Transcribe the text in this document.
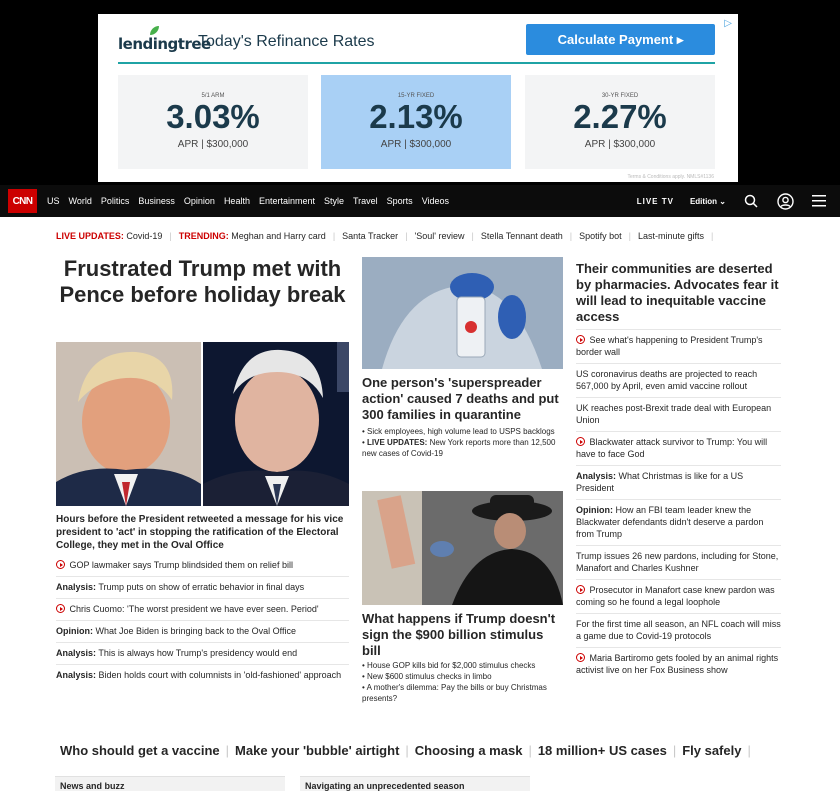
▷
lendingtree
Today's Refinance Rates	Calculate Payment ▸
5/1 ARM
3.03%
APR | $300,000
15-YR FIXED
2.13%
APR | $300,000
30-YR FIXED
2.27%
APR | $300,000
Terms & Conditions apply. NMLS#1136
CNN	US World Politics Business Opinion Health Entertainment Style Travel Sports Videos	LIVE TV Edition ⌄
LIVE UPDATES: Covid-19 | TRENDING: Meghan and Harry card | Santa Tracker | 'Soul' review | Stella Tennant death | Spotify bot | Last-minute gifts |
Frustrated Trump met with Pence before holiday break
Hours before the President retweeted a message for his vice president to 'act' in stopping the ratification of the Electoral College, they met in the Oval Office
GOP lawmaker says Trump blindsided them on relief bill
Analysis: Trump puts on show of erratic behavior in final days
Chris Cuomo: 'The worst president we have ever seen. Period'
Opinion: What Joe Biden is bringing back to the Oval Office
Analysis: This is always how Trump's presidency would end
Analysis: Biden holds court with columnists in 'old-fashioned' approach
One person's 'superspreader action' caused 7 deaths and put 300 families in quarantine
• Sick employees, high volume lead to USPS backlogs
• LIVE UPDATES: New York reports more than 12,500 new cases of Covid-19
What happens if Trump doesn't sign the $900 billion stimulus bill
• House GOP kills bid for $2,000 stimulus checks
• New $600 stimulus checks in limbo
• A mother's dilemma: Pay the bills or buy Christmas presents?
Their communities are deserted by pharmacies. Advocates fear it will lead to inequitable vaccine access
See what's happening to President Trump's border wall
US coronavirus deaths are projected to reach 567,000 by April, even amid vaccine rollout
UK reaches post-Brexit trade deal with European Union
Blackwater attack survivor to Trump: You will have to face God
Analysis: What Christmas is like for a US President
Opinion: How an FBI team leader knew the Blackwater defendants didn't deserve a pardon from Trump
Trump issues 26 new pardons, including for Stone, Manafort and Charles Kushner
Prosecutor in Manafort case knew pardon was coming so he found a legal loophole
For the first time all season, an NFL coach will miss a game due to Covid-19 protocols
Maria Bartiromo gets fooled by an animal rights activist live on her Fox Business show
Who should get a vaccine | Make your 'bubble' airtight | Choosing a mask | 18 million+ US cases | Fly safely |
News and buzz	Navigating an unprecedented season
